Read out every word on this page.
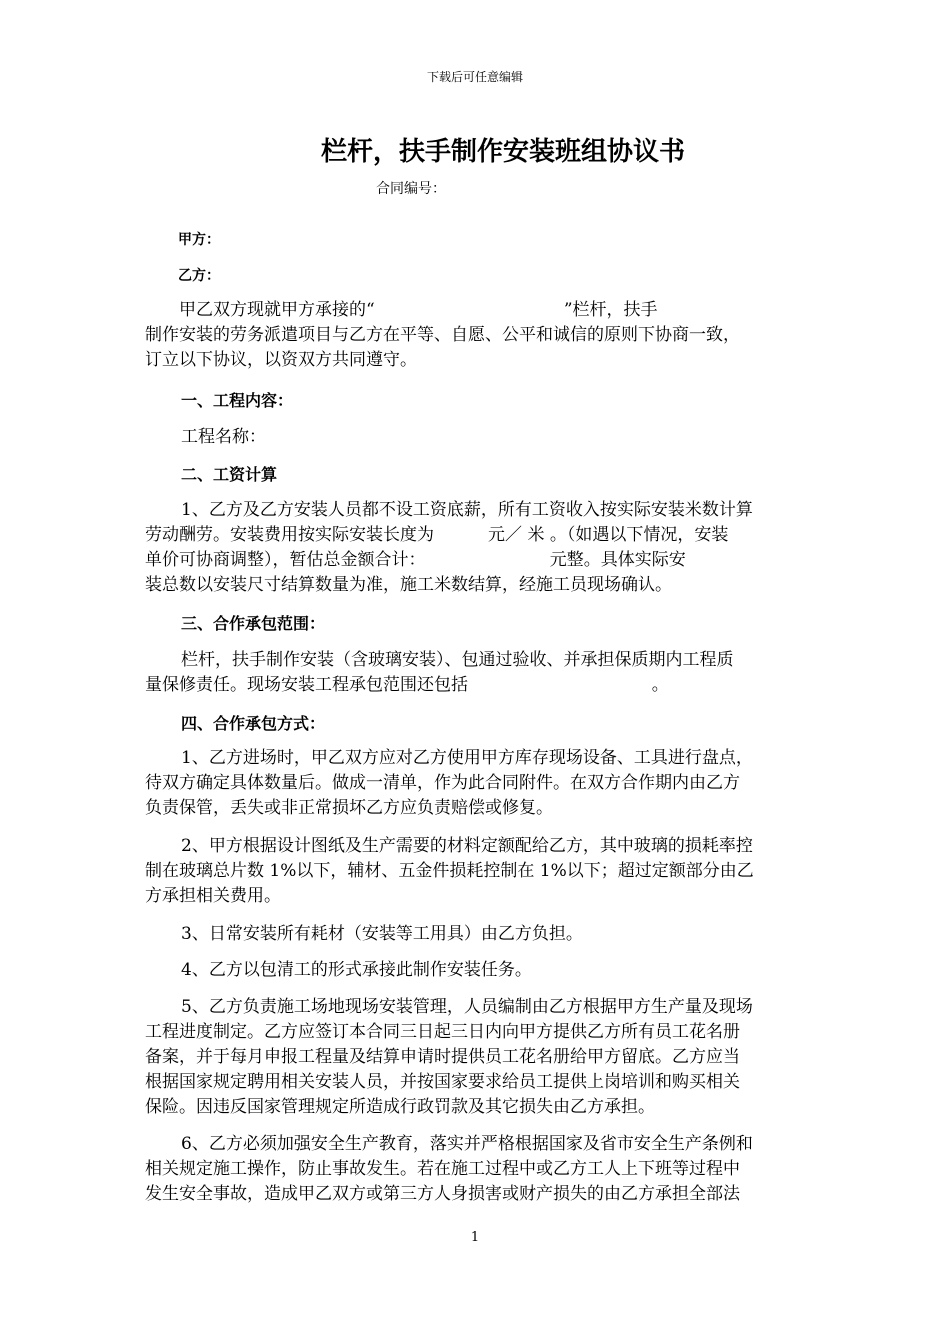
下载后可任意编辑
栏杆，扶手制作安装班组协议书
合同编号：
甲方：
乙方：
甲乙双方现就甲方承接的“                                   ”栏杆，扶手
制作安装的劳务派遣项目与乙方在平等、自愿、公平和诚信的原则下协商一致，
订立以下协议，以资双方共同遵守。
一、工程内容：
工程名称：
二、工资计算
1、乙方及乙方安装人员都不设工资底薪，所有工资收入按实际安装米数计算
劳动酬劳。安装费用按实际安装长度为          元／ 米 。（如遇以下情况，安装
单价可协商调整），暂估总金额合计：                       元整。具体实际安
装总数以安装尺寸结算数量为准，施工米数结算，经施工员现场确认。
三、合作承包范围：
栏杆，扶手制作安装（含玻璃安装）、包通过验收、并承担保质期内工程质
量保修责任。现场安装工程承包范围还包括                                  。
四、合作承包方式：
1、乙方进场时，甲乙双方应对乙方使用甲方库存现场设备、工具进行盘点，
待双方确定具体数量后。做成一清单，作为此合同附件。在双方合作期内由乙方
负责保管，丢失或非正常损坏乙方应负责赔偿或修复。
2、甲方根据设计图纸及生产需要的材料定额配给乙方，其中玻璃的损耗率控
制在玻璃总片数 1%以下，辅材、五金件损耗控制在 1%以下；超过定额部分由乙
方承担相关费用。
3、日常安装所有耗材（安装等工用具）由乙方负担。
4、乙方以包清工的形式承接此制作安装任务。
5、乙方负责施工场地现场安装管理，人员编制由乙方根据甲方生产量及现场
工程进度制定。乙方应签订本合同三日起三日内向甲方提供乙方所有员工花名册
备案，并于每月申报工程量及结算申请时提供员工花名册给甲方留底。乙方应当
根据国家规定聘用相关安装人员，并按国家要求给员工提供上岗培训和购买相关
保险。因违反国家管理规定所造成行政罚款及其它损失由乙方承担。
6、乙方必须加强安全生产教育，落实并严格根据国家及省市安全生产条例和
相关规定施工操作，防止事故发生。若在施工过程中或乙方工人上下班等过程中
发生安全事故，造成甲乙双方或第三方人身损害或财产损失的由乙方承担全部法
1
